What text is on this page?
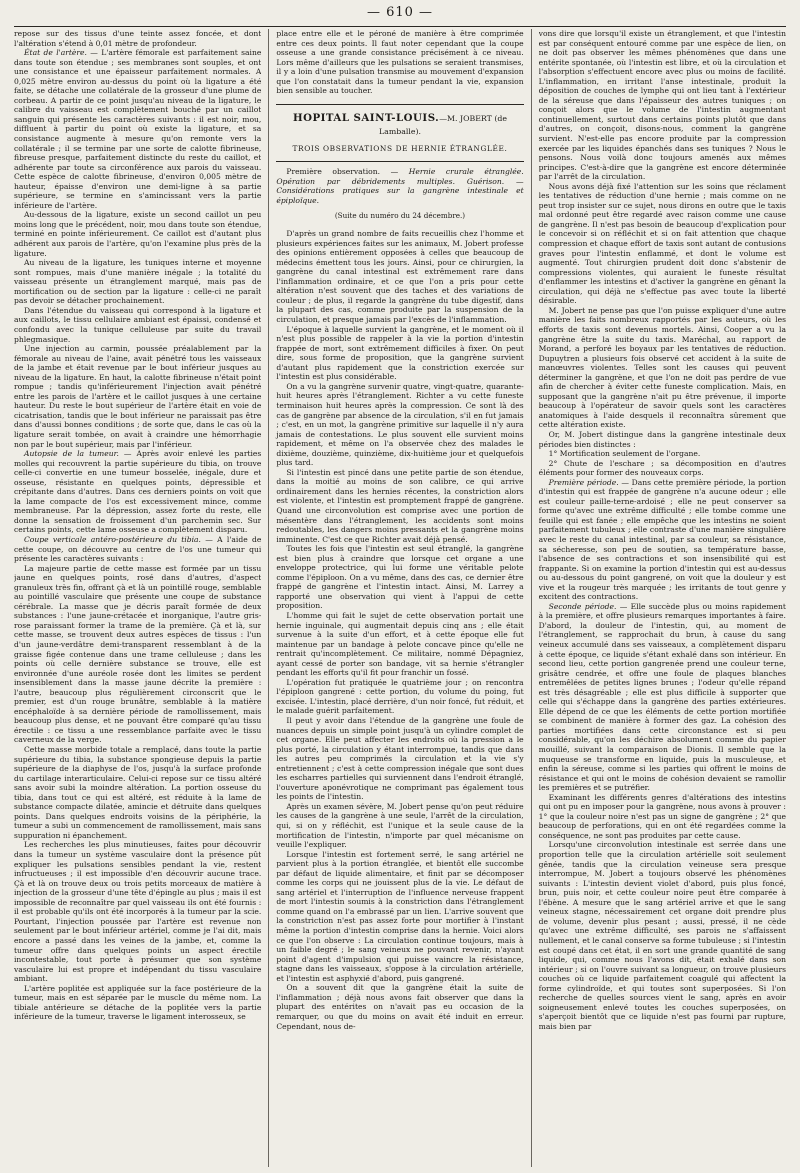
— 610 —

repose sur des tissus d'une teinte assez foncée, et dont l'altération s'étend à 0,01 mètre de profondeur.

État de l'artère. — L'artère fémorale est parfaitement saine dans toute son étendue ; ses membranes sont souples, et ont une consistance et une épaisseur parfaitement normales. A 0,025 mètre environ au-dessus du point où la ligature a été faite, se détache une collatérale de la grosseur d'une plume de corbeau. A partir de ce point jusqu'au niveau de la ligature, le calibre du vaisseau est complètement bouché par un caillot sanguin qui présente les caractères suivants : il est noir, mou, diffluent à partir du point où existe la ligature, et sa consistance augmente à mesure qu'on remonte vers la collatérale ; il se termine par une sorte de calotte fibrineuse, fibreuse presque, parfaitement distincte du reste du caillot, et adhérente par toute sa circonférence aux parois du vaisseau. Cette espèce de calotte fibrineuse, d'environ 0,005 mètre de hauteur, épaisse d'environ une demi-ligne à sa partie supérieure, se termine en s'amincissant vers la partie inférieure de l'artère.

Au-dessous de la ligature, existe un second caillot un peu moins long que le précédent, noir, mou dans toute son étendue, terminé en pointe inférieurement. Ce caillot est d'autant plus adhérent aux parois de l'artère, qu'on l'examine plus près de la ligature.

Au niveau de la ligature, les tuniques interne et moyenne sont rompues, mais d'une manière inégale ; la totalité du vaisseau présente un étranglement marqué, mais pas de mortification ou de section par la ligature : celle-ci ne paraît pas devoir se détacher prochainement.

Dans l'étendue du vaisseau qui correspond à la ligature et aux caillots, le tissu cellulaire ambiant est épaissi, condensé et confondu avec la tunique celluleuse par suite du travail phlegmasique.

Une injection au carmin, poussée préalablement par la fémorale au niveau de l'aine, avait pénétré tous les vaisseaux de la jambe et était revenue par le bout inférieur jusques au niveau de la ligature. En haut, la calotte fibrineuse n'était point rompue ; tandis qu'inférieurement l'injection avait pénétré entre les parois de l'artère et le caillot jusques à une certaine hauteur. Du reste le bout supérieur de l'artère était en voie de cicatrisation, tandis que le bout inférieur ne paraissait pas être dans d'aussi bonnes conditions ; de sorte que, dans le cas où la ligature serait tombée, on avait à craindre une hémorrhagie non par le bout supérieur, mais par l'inférieur.

Autopsie de la tumeur. — Après avoir enlevé les parties molles qui recouvrent la partie supérieure du tibia, on trouve celle-ci convertie en une tumeur bosselée, inégale, dure et osseuse, résistante en quelques points, dépressible et crépitante dans d'autres. Dans ces derniers points on voit que la lame compacte de l'os est excessivement mince, comme membraneuse. Par la dépression, assez forte du reste, elle donne la sensation de froissement d'un parchemin sec. Sur certains points, cette lame osseuse a complètement disparu.

Coupe verticale antéro-postérieure du tibia. — A l'aide de cette coupe, on découvre au centre de l'os une tumeur qui présente les caractères suivants :

La majeure partie de cette masse est formée par un tissu jaune en quelques points, rosé dans d'autres, d'aspect granuleux très fin, offrant çà et là un pointillé rouge, semblable au pointillé vasculaire que présente une coupe de substance cérébrale. La masse que je décris paraît formée de deux substances : l'une jaune-crétacée et inorganique, l'autre gris-rose paraissant former la trame de la première. Çà et là, sur cette masse, se trouvent deux autres espèces de tissus : l'un d'un jaune-verdâtre demi-transparent ressemblant à de la graisse figée contenue dans une trame celluleuse ; dans les points où celle dernière substance se trouve, elle est environnée d'une auréole rosée dont les limites se perdent insensiblement dans la masse jaune décrite la première : l'autre, beaucoup plus régulièrement circonscrit que le premier, est d'un rouge brunâtre, semblable à la matière encéphaloïde à sa dernière période de ramollissement, mais beaucoup plus dense, et ne pouvant être comparé qu'au tissu érectile : ce tissu a une ressemblance parfaite avec le tissu caverneux de la verge.

Cette masse morbide totale a remplacé, dans toute la partie supérieure du tibia, la substance spongieuse depuis la partie supérieure de la diaphyse de l'os, jusqu'à la surface profonde du cartilage interarticulaire. Celui-ci repose sur ce tissu altéré sans avoir subi la moindre altération. La portion osseuse du tibia, dans tout ce qui est altéré, est réduite à la lame de substance compacte dilatée, amincie et détruite dans quelques points. Dans quelques endroits voisins de la périphérie, la tumeur a subi un commencement de ramollissement, mais sans suppuration ni épanchement.

Les recherches les plus minutieuses, faites pour découvrir dans la tumeur un système vasculaire dont la présence pût expliquer les pulsations sensibles pendant la vie, restent infructueuses ; il est impossible d'en découvrir aucune trace. Çà et là on trouve deux ou trois petits morceaux de matière à injection de la grosseur d'une tête d'épingle au plus ; mais il est impossible de reconnaître par quel vaisseau ils ont été fournis : il est probable qu'ils ont été incorporés à la tumeur par la scie. Pourtant, l'injection poussée par l'artère est revenue non seulement par le bout inférieur artériel, comme je l'ai dit, mais encore a passé dans les veines de la jambe, et, comme la tumeur offre dans quelques points un aspect érectile incontestable, tout porte à présumer que son système vasculaire lui est propre et indépendant du tissu vasculaire ambiant.

L'artère poplitée est appliquée sur la face postérieure de la tumeur, mais en est séparée par le muscle du même nom. La tibiale antérieure se détache de la poplitée vers la partie inférieure de la tumeur, traverse le ligament interosseux, se

place entre elle et le péroné de manière à être comprimée entre ces deux points. Il faut noter cependant que la coupe osseuse a une grande consistance précisément à ce niveau. Lors même d'ailleurs que les pulsations se seraient transmises, il y a loin d'une pulsation transmise au mouvement d'expansion que l'on constatait dans la tumeur pendant la vie, expansion bien sensible au toucher.

HOPITAL SAINT-LOUIS.—M. JOBERT (de Lamballe).

TROIS OBSERVATIONS DE HERNIE ÉTRANGLÉE.

Première observation. — Hernie crurale étranglée. Opération par débridements multiples. Guérison. — Considérations pratiques sur la gangrène intestinale et épiploïque.

(Suite du numéro du 24 décembre.)

D'après un grand nombre de faits recueillis chez l'homme et plusieurs expériences faites sur les animaux, M. Jobert professe des opinions entièrement opposées à celles que beaucoup de médecins émettent tous les jours. Ainsi, pour ce chirurgien, la gangrène du canal intestinal est extrêmement rare dans l'inflammation ordinaire, et ce que l'on a pris pour cette altération n'est souvent que des taches et des variations de couleur ; de plus, il regarde la gangrène du tube digestif, dans la plupart des cas, comme produite par la suspension de la circulation, et presque jamais par l'excès de l'inflammation.

L'époque à laquelle survient la gangrène, et le moment où il n'est plus possible de rappeler à la vie la portion d'intestin frappée de mort, sont extrêmement difficiles à fixer. On peut dire, sous forme de proposition, que la gangrène survient d'autant plus rapidement que la constriction exercée sur l'intestin est plus considérable.

On a vu la gangrène survenir quatre, vingt-quatre, quarante-huit heures après l'étranglement. Richter a vu cette funeste terminaison huit heures après la compression. Ce sont là des cas de gangrène par absence de la circulation, s'il en fut jamais ; c'est, en un mot, la gangrène primitive sur laquelle il n'y aura jamais de contestations. Le plus souvent elle survient moins rapidement, et même on l'a observée chez des malades le dixième, douzième, quinzième, dix-huitième jour et quelquefois plus tard.

Si l'intestin est pincé dans une petite partie de son étendue, dans la moitié au moins de son calibre, ce qui arrive ordinairement dans les hernies récentes, la constriction alors est violente, et l'intestin est promptement frappé de gangrène. Quand une circonvolution est comprise avec une portion de mésentère dans l'étranglement, les accidents sont moins redoutables, les dangers moins pressants et la gangrène moins imminente. C'est ce que Richter avait déjà pensé.

Toutes les fois que l'intestin est seul étranglé, la gangrène est bien plus à craindre que lorsque cet organe a une enveloppe protectrice, qui lui forme une véritable pelote comme l'épiploon. On a vu même, dans des cas, ce dernier être frappé de gangrène et l'intestin intact. Ainsi, M. Larrey a rapporté une observation qui vient à l'appui de cette proposition.

L'homme qui fait le sujet de cette observation portait une hernie inguinale, qui augmentait depuis cinq ans ; elle était survenue à la suite d'un effort, et à cette époque elle fut maintenue par un bandage à pelote concave pince qu'elle ne rentrait qu'incomplètement. Ce militaire, nommé Dépagniez, ayant cessé de porter son bandage, vit sa hernie s'étrangler pendant les efforts qu'il fit pour franchir un fossé.

L'opération fut pratiquée le quatrième jour ; on rencontra l'épiploon gangrené : cette portion, du volume du poing, fut excisée. L'intestin, placé derrière, d'un noir foncé, fut réduit, et le malade guérit parfaitement.

Il peut y avoir dans l'étendue de la gangrène une foule de nuances depuis un simple point jusqu'à un cylindre complet de cet organe. Elle peut affecter les endroits où la pression a le plus porté, la circulation y étant interrompue, tandis que dans les autres peu comprimés la circulation et la vie s'y entretiennent ; c'est à cette compression inégale que sont dues les escharres partielles qui surviennent dans l'endroit étranglé, l'ouverture aponévrotique ne comprimant pas également tous les points de l'intestin.

Après un examen sévère, M. Jobert pense qu'on peut réduire les causes de la gangrène à une seule, l'arrêt de la circulation, qui, si on y réfléchit, est l'unique et la seule cause de la mortification de l'intestin, n'importe par quel mécanisme on veuille l'expliquer.

Lorsque l'intestin est fortement serré, le sang artériel ne parvient plus à la portion étranglée, et bientôt elle succombe par défaut de liquide alimentaire, et finit par se décomposer comme les corps qui ne jouissent plus de la vie. Le défaut de sang artériel et l'interruption de l'influence nerveuse frappent de mort l'intestin soumis à la constriction dans l'étranglement comme quand on l'a embrassé par un lien. L'arrive souvent que la constriction n'est pas assez forte pour mortifier à l'instant même la portion d'intestin comprise dans la hernie. Voici alors ce que l'on observe : La circulation continue toujours, mais à un faible degré ; le sang veineux ne pouvant revenir, n'ayant point d'agent d'impulsion qui puisse vaincre la résistance, stagne dans les vaisseaux, s'oppose à la circulation artérielle, et l'intestin est asphyxié d'abord, puis gangrené.

On a souvent dit que la gangrène était la suite de l'inflammation ; déjà nous avons fait observer que dans la plupart des entérites on n'avait pas eu occasion de la remarquer, ou que du moins on avait été induit en erreur. Cependant, nous de-

vons dire que lorsqu'il existe un étranglement, et que l'intestin est par conséquent entouré comme par une espèce de lien, on ne doit pas observer les mêmes phénomènes que dans une entérite spontanée, où l'intestin est libre, et où la circulation et l'absorption s'effectuent encore avec plus ou moins de facilité. L'inflammation, en irritant l'anse intestinale, produit la déposition de couches de lymphe qui ont lieu tant à l'extérieur de la séreuse que dans l'épaisseur des autres tuniques ; on conçoit alors que le volume de l'intestin augmentant continuellement, surtout dans certains points plutôt que dans d'autres, on conçoit, disons-nous, comment la gangrène survient. N'est-elle pas encore produite par la compression exercée par les liquides épanchés dans ses tuniques ? Nous le pensons. Nous voilà donc toujours amenés aux mêmes principes. C'est-à-dire que la gangrène est encore déterminée par l'arrêt de la circulation.

Nous avons déjà fixé l'attention sur les soins que réclament les tentatives de réduction d'une hernie ; mais comme on ne peut trop insister sur ce sujet, nous dirons en outre que le taxis mal ordonné peut être regardé avec raison comme une cause de gangrène. Il n'est pas besoin de beaucoup d'explication pour le concevoir si on réfléchit et si on fait attention que chaque compression et chaque effort de taxis sont autant de contusions graves pour l'intestin enflammé, et dont le volume est augmenté. Tout chirurgien prudent doit donc s'abstenir de compressions violentes, qui auraient le funeste résultat d'enflammer les intestins et d'activer la gangrène en gênant la circulation, qui déjà ne s'effectue pas avec toute la liberté désirable.

M. Jobert ne pense pas que l'on puisse expliquer d'une autre manière les faits nombreux rapportés par les auteurs, où les efforts de taxis sont devenus mortels. Ainsi, Cooper a vu la gangrène être la suite du taxis. Maréchal, au rapport de Morand, a perforé les boyaux par les tentatives de réduction. Dupuytren a plusieurs fois observé cet accident à la suite de manœuvres violentes. Telles sont les causes qui peuvent déterminer la gangrène, et que l'on ne doit pas perdre de vue afin de chercher à éviter cette funeste complication. Mais, en supposant que la gangrène n'ait pu être prévenue, il importe beaucoup à l'opérateur de savoir quels sont les caractères anatomiques à l'aide desquels il reconnaîtra sûrement que cette altération existe.

Or, M. Jobert distingue dans la gangrène intestinale deux périodes bien distinctes :

1° Mortification seulement de l'organe.

2° Chute de l'eschare ; sa décomposition en d'autres éléments pour former des nouveaux corps.

Première période. — Dans cette première période, la portion d'intestin qui est frappée de gangrène n'a aucune odeur ; elle est couleur paille-terne-ardoisé ; elle ne peut conserver sa forme qu'avec une extrême difficulté ; elle tombe comme une feuille qui est fanée ; elle empêche que les intestins ne soient parfaitement tubuleux ; elle contraste d'une manière singulière avec le reste du canal intestinal, par sa couleur, sa résistance, sa sécheresse, son peu de soutien, sa température basse, l'absence de ses contractions et son insensibilité qui est frappante. Si on examine la portion d'intestin qui est au-dessus ou au-dessous du point gangrené, on voit que la douleur y est vive et la rougeur très marquée ; les irritants de tout genre y excitent des contractions.

Seconde période. — Elle succède plus ou moins rapidement à la première, et offre plusieurs remarques importantes à faire. D'abord, la douleur de l'intestin, qui, au moment de l'étranglement, se rapprochait du brun, à cause du sang veineux accumulé dans ses vaisseaux, a complètement disparu à cette époque, ce liquide s'étant exhalé dans son intérieur. En second lieu, cette portion gangrenée prend une couleur terne, grisâtre cendrée, et offre une foule de plaques blanches entremêlées de petites lignes brunes ; l'odeur qu'elle répand est très désagréable ; elle est plus difficile à supporter que celle qui s'échappe dans la gangrène des parties extérieures. Elle dépend de ce que les éléments de cette portion mortifiée se combinent de manière à former des gaz. La cohésion des parties mortifiées dans cette circonstance est si peu considérable, qu'on les déchire absolument comme du papier mouillé, suivant la comparaison de Dionis. Il semble que la muqueuse se transforme en liquide, puis la musculeuse, et enfin la séreuse, comme si les parties qui offrent le moins de résistance et qui ont le moins de cohésion devaient se ramollir les premières et se putréfier.

Examinant les différents genres d'altérations des intestins qui ont pu en imposer pour la gangrène, nous avons à prouver : 1° que la couleur noire n'est pas un signe de gangrène ; 2° que beaucoup de perforations, qui en ont été regardées comme la conséquence, ne sont pas produites par cette cause.

Lorsqu'une circonvolution intestinale est serrée dans une proportion telle que la circulation artérielle soit seulement gênée, tandis que la circulation veineuse sera presque interrompue, M. Jobert a toujours observé les phénomènes suivants : L'intestin devient violet d'abord, puis plus foncé, brun, puis noir, et cette couleur noire peut être comparée à l'ébène. A mesure que le sang artériel arrive et que le sang veineux stagne, nécessairement cet organe doit prendre plus de volume, devenir plus pesant ; aussi, pressé, il ne cède qu'avec une extrême difficulté, ses parois ne s'affaissent nullement, et le canal conserve sa forme tubuleuse ; si l'intestin est coupé dans cet état, il en sort une grande quantité de sang liquide, qui, comme nous l'avons dit, était exhalé dans son intérieur ; si on l'ouvre suivant sa longueur, on trouve plusieurs couches où ce liquide parfaitement coagulé qui affectent la forme cylindroïde, et qui toutes sont superposées. Si l'on recherche de quelles sources vient le sang, après en avoir soigneusement enlevé toutes les couches superposées, on s'aperçoit bientôt que ce liquide n'est pas fourni par rupture, mais bien par
